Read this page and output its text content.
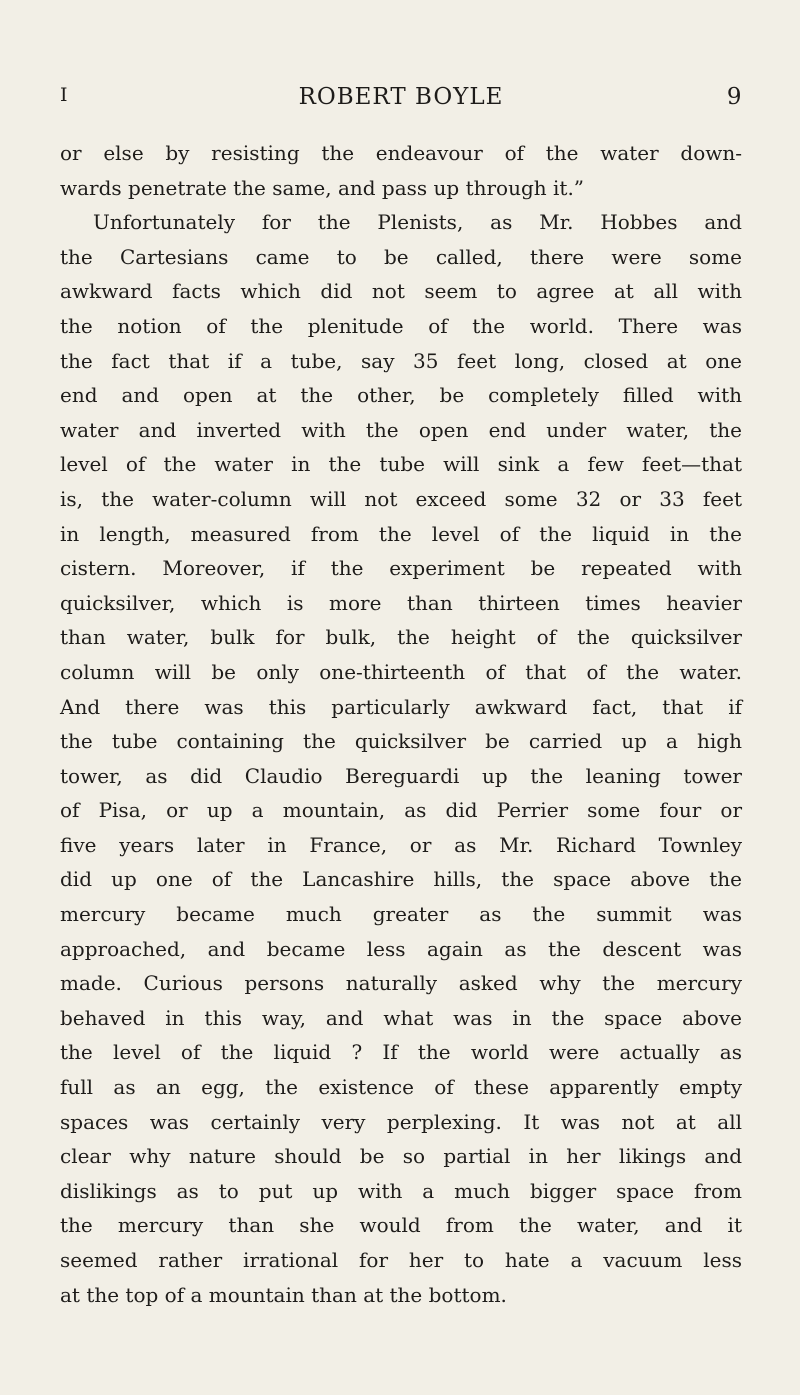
I	ROBERT BOYLE	9
or else by resisting the endeavour of the water down-
wards penetrate the same, and pass up through it.”
Unfortunately for the Plenists, as Mr. Hobbes and
the Cartesians came to be called, there were some
awkward facts which did not seem to agree at all with
the notion of the plenitude of the world. There was
the fact that if a tube, say 35 feet long, closed at one
end and open at the other, be completely filled with
water and inverted with the open end under water, the
level of the water in the tube will sink a few feet—that
is, the water-column will not exceed some 32 or 33 feet
in length, measured from the level of the liquid in the
cistern. Moreover, if the experiment be repeated with
quicksilver, which is more than thirteen times heavier
than water, bulk for bulk, the height of the quicksilver
column will be only one-thirteenth of that of the water.
And there was this particularly awkward fact, that if
the tube containing the quicksilver be carried up a high
tower, as did Claudio Bereguardi up the leaning tower
of Pisa, or up a mountain, as did Perrier some four or
five years later in France, or as Mr. Richard Townley
did up one of the Lancashire hills, the space above the
mercury became much greater as the summit was
approached, and became less again as the descent was
made. Curious persons naturally asked why the mercury
behaved in this way, and what was in the space above
the level of the liquid ? If the world were actually as
full as an egg, the existence of these apparently empty
spaces was certainly very perplexing. It was not at all
clear why nature should be so partial in her likings and
dislikings as to put up with a much bigger space from
the mercury than she would from the water, and it
seemed rather irrational for her to hate a vacuum less
at the top of a mountain than at the bottom.
